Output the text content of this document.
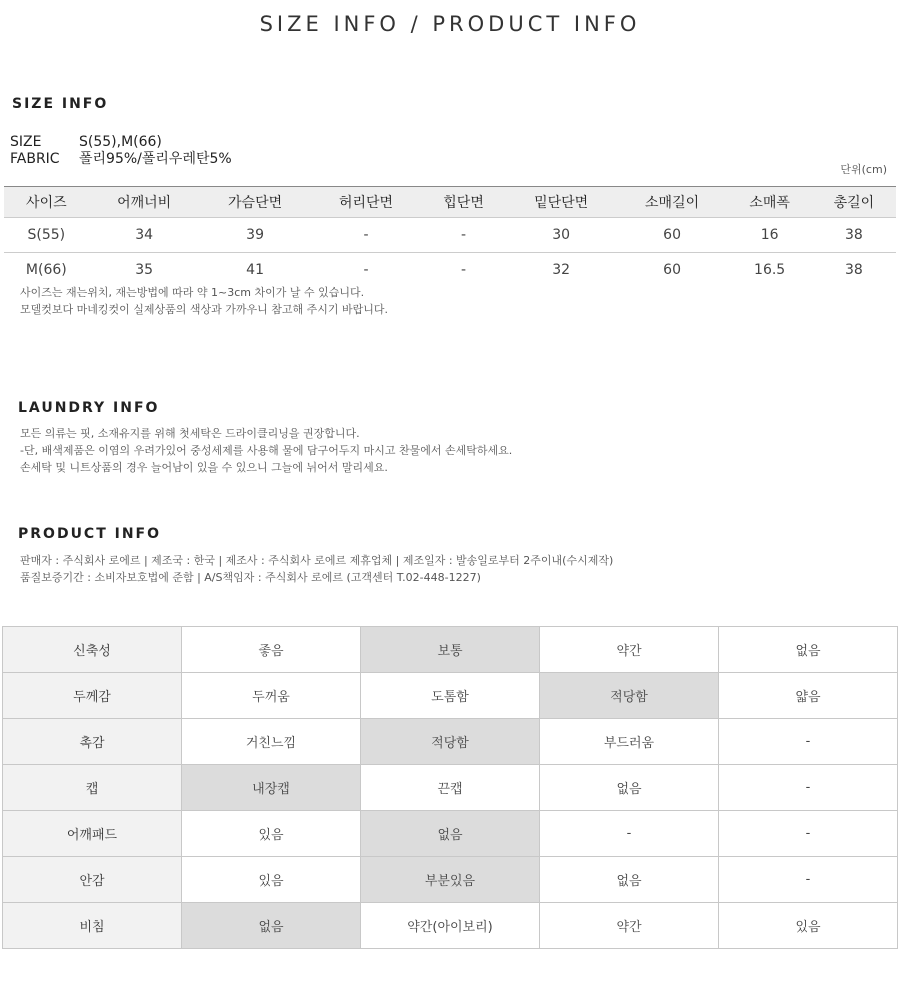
SIZE INFO / PRODUCT INFO
SIZE INFO
SIZE	S(55),M(66)
FABRIC 폴리95%/폴리우레탄5%
단위(cm)
사이즈	어깨너비	가슴단면	허리단면	힙단면	밑단단면	소매길이	소매폭	총길이
S(55)	34	39	-	-	30	60	16	38
M(66)	35	41	-	-	32	60	16.5	38
사이즈는 재는위치, 재는방법에 따라 약 1~3cm 차이가 날 수 있습니다.
모델컷보다 마네킹컷이 실제상품의 색상과 가까우니 참고해 주시기 바랍니다.
LAUNDRY INFO
모든 의류는 핏, 소재유지를 위해 첫세탁은 드라이클리닝을 권장합니다.
-단, 배색제품은 이염의 우려가있어 중성세제를 사용해 물에 담구어두지 마시고 찬물에서 손세탁하세요.
손세탁 및 니트상품의 경우 늘어남이 있을 수 있으니 그늘에 뉘어서 말리세요.
PRODUCT INFO
판매자 : 주식회사 로에르 | 제조국 : 한국 | 제조사 : 주식회사 로에르 제휴업체 | 제조일자 : 발송일로부터 2주이내(수시제작)
품질보증기간 : 소비자보호법에 준함 | A/S책임자 : 주식회사 로에르 (고객센터 T.02-448-1227)
신축성	좋음	보통	약간	없음
두께감	두꺼움	도톰함	적당함	얇음
촉감	거친느낌	적당함	부드러움	-
캡	내장캡	끈캡	없음	-
어깨패드	있음	없음	-	-
안감	있음	부분있음	없음	-
비침	없음	약간(아이보리)	약간	있음
